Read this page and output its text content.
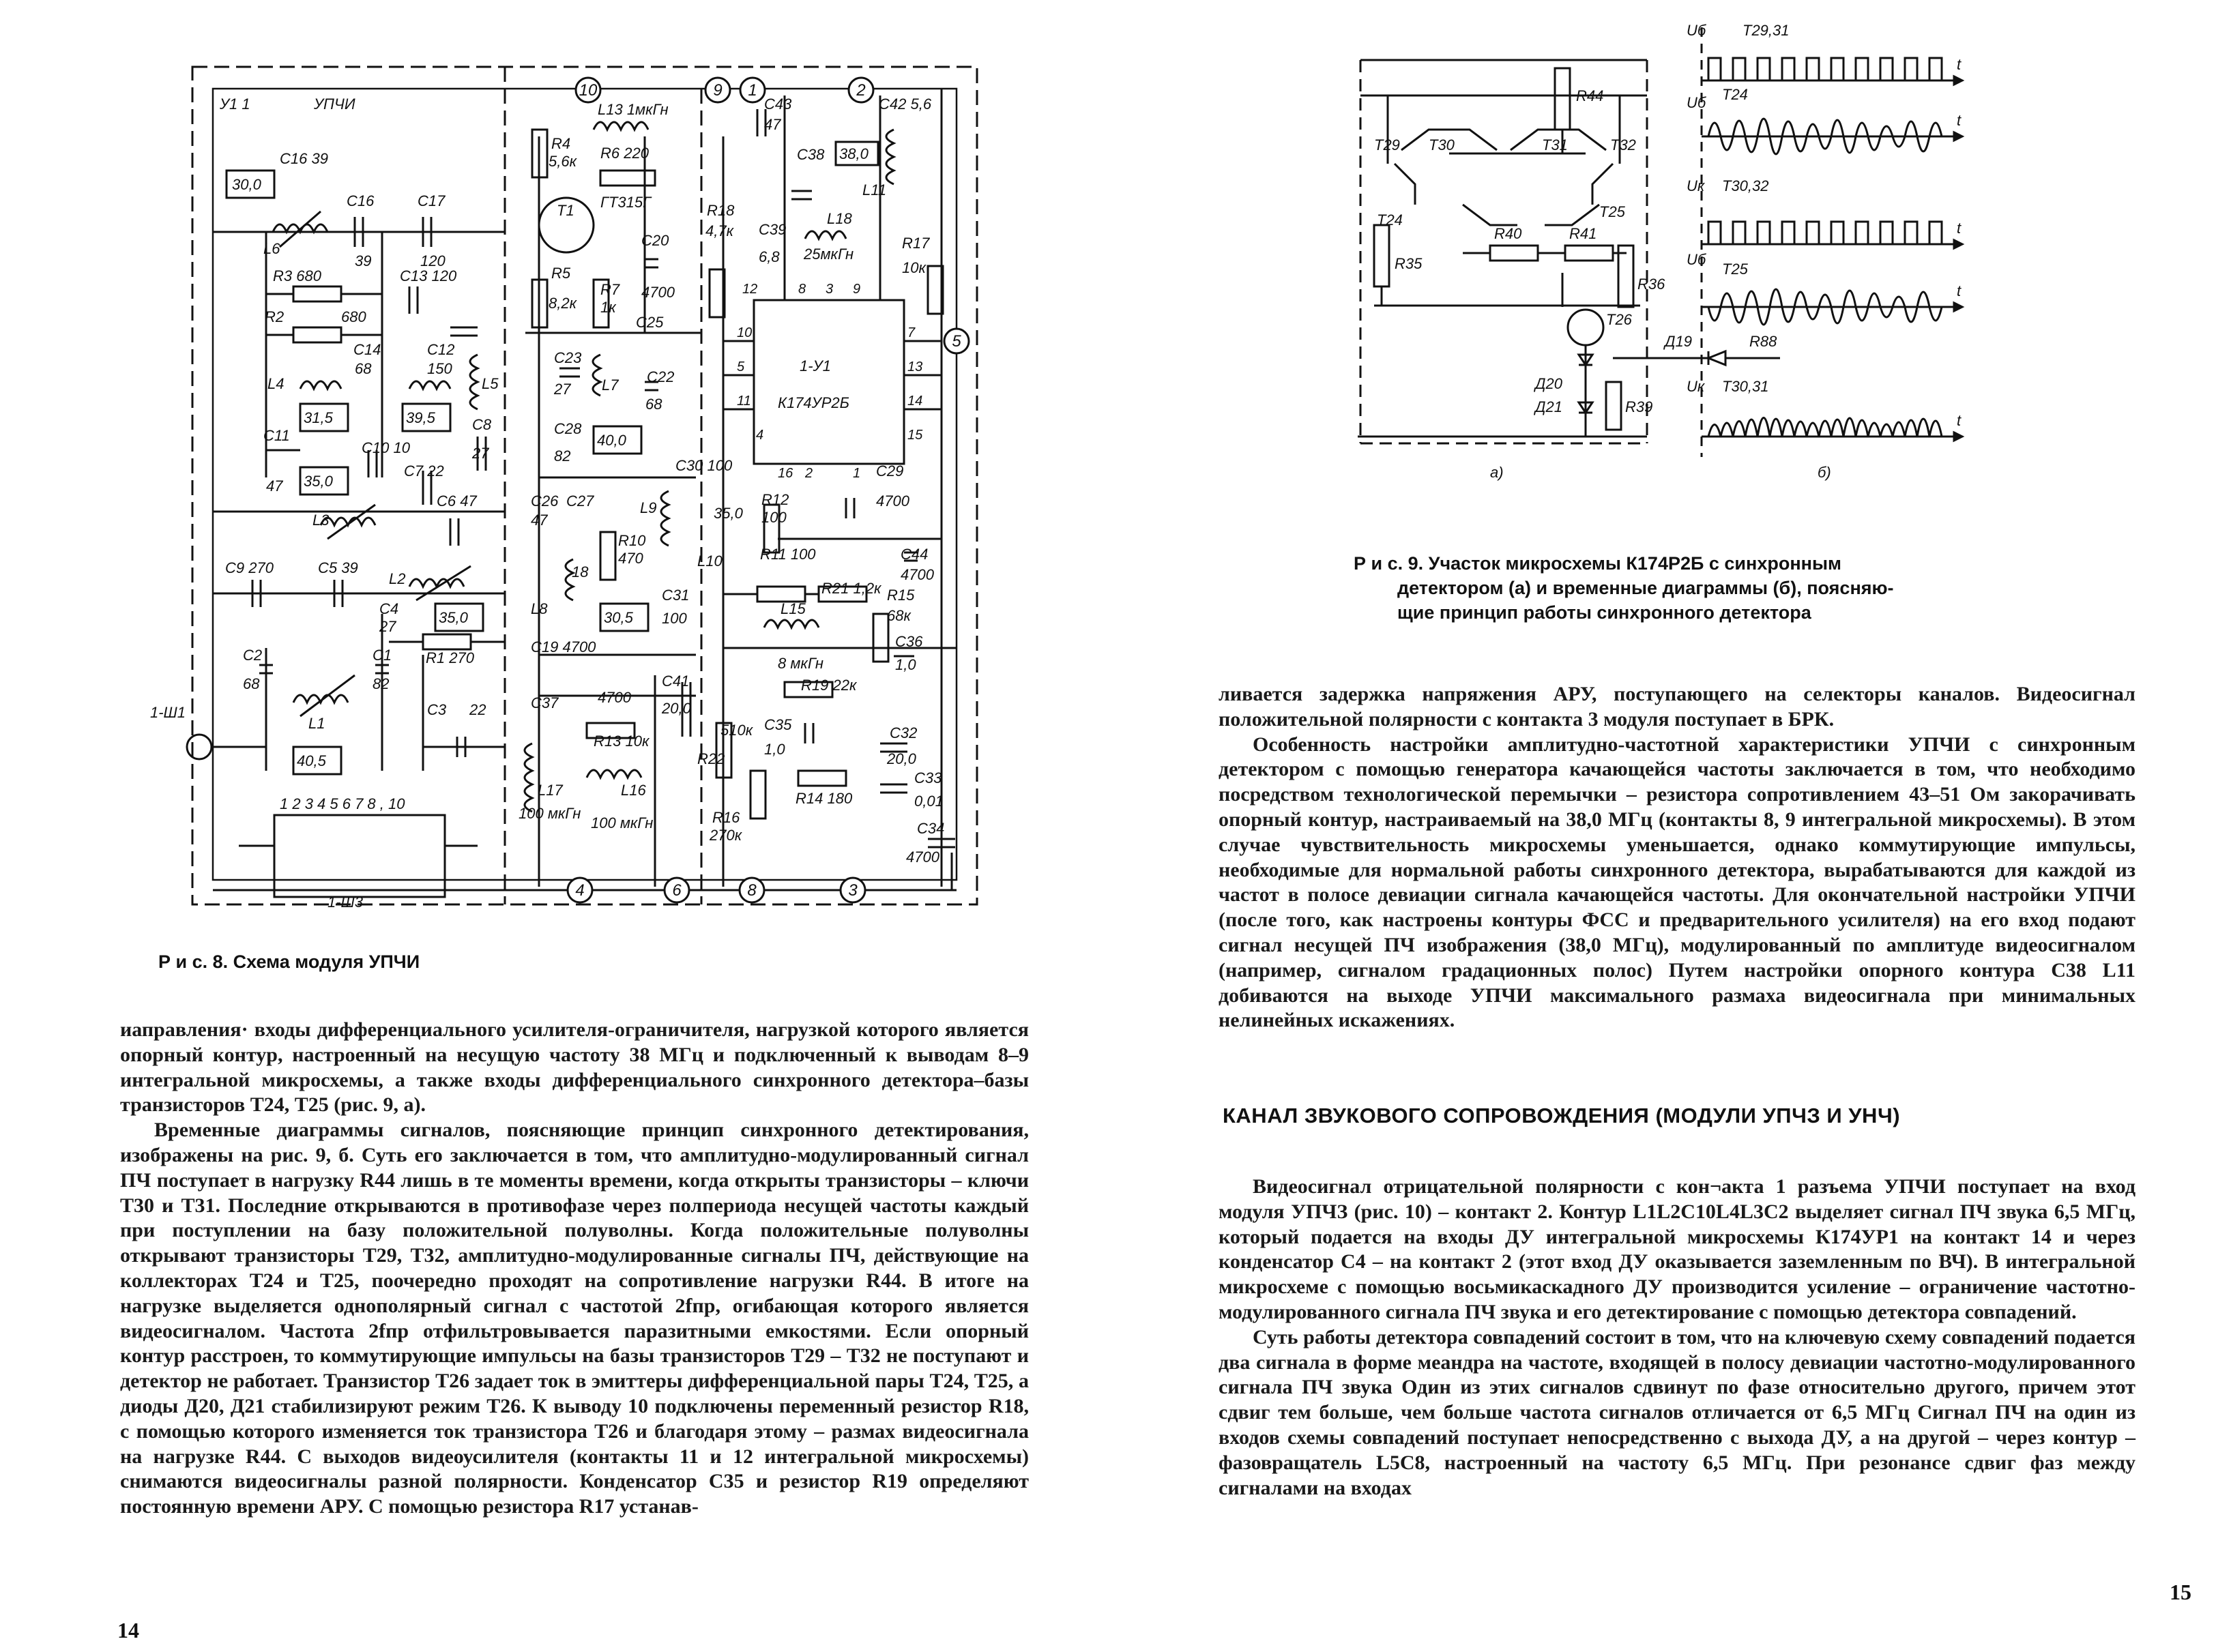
10	9 1	2
5
4	6	8	3
У1 1	УПЧИ
30,0
31,5	39,5
35,0
35,0
40,5
40,0
30,5
35,0
38,0
C16 39
C16	C17
L6
39	120
R3 680	C13 120
R2	680
C14	C12
68	150
L4	L5
C11
C10 10
47
C7 22
C8
27
C6 47
L3
C9 270	C5 39
L2
C4
27
R1 270
C2	C1
68	82
L1
C3 22
L13 1мкГн
R4
5,6к R6 220
R5
8,2к
R7
1к
C20
4700
C25
C23
27 L7 C22
68
C28
82
C27
C26
47
L9
C30 100
R10
470
L8
18
C31
100
C19 4700
C37	4700
C41
20,0
R13 10к
L17
100 мкГн
L16
100 мкГн
C43
47
C42 5,6
C38
L11
C39
6,8
L18
25мкГн
R18
4,7к
R17
10к
R12
100
C29
4700
L10	R11 100
R21 1,2к
L15
8 мкГн
R15
68к
C36
1,0
C44
4700
R19 22к
C35
1,0
R22
510к
R14 180
C32
20,0
C33
0,01
R16
270к	C34
4700
1-У1
К174УР2Б
Т1 ГТ315Г
1-Ш1
1-Ш3
1 2 3 4 5 6 7 8 , 10
12	8 3 9
10	7
5	13
11	14
4	15
16 2	1
Р и с. 8. Схема модуля УПЧИ

иаправления· входы дифференциального усилителя-ограничителя, нагрузкой которого является опорный контур, настроенный на несущую частоту 38 МГц и подключенный к выводам 8–9 интегральной микросхемы, а также входы дифференциального синхронного детектора–базы транзисторов Т24, Т25 (рис. 9, а).

Временные диаграммы сигналов, поясняющие принцип синхронного детектирования, изображены на рис. 9, б. Суть его заключается в том, что амплитудно-модулированный сигнал ПЧ поступает в нагрузку R44 лишь в те моменты времени, когда открыты транзисторы – ключи Т30 и Т31. Последние открываются в противофазе через полпериода несущей частоты каждый при поступлении на базу положительной полуволны. Когда положительные полуволны открывают транзисторы Т29, Т32, амплитудно-модулированные сигналы ПЧ, действующие на коллекторах Т24 и Т25, поочередно проходят на сопротивление нагрузки R44. В итоге на нагрузке выделяется однополярный сигнал с частотой 2fпр, огибающая которого является видеосигналом. Частота 2fпр отфильтровывается паразитными емкостями. Если опорный контур расстроен, то коммутирующие импульсы на базы транзисторов Т29 – Т32 не поступают и детектор не работает. Транзистор Т26 задает ток в эмиттеры дифференциальной пары Т24, Т25, а диоды Д20, Д21 стабилизируют режим Т26. К выводу 10 подключены переменный резистор R18, с помощью которого изменяется ток транзистора Т26 и благодаря этому – размах видеосигнала на нагрузке R44. С выходов видеоусилителя (контакты 11 и 12 интегральной микросхемы) снимаются видеосигналы разной полярности. Конденсатор С35 и резистор R19 определяют постоянную времени АРУ. С помощью резистора R17 устанав-

14
R44
T29 T30	T31	T32
T24	T25
R40	R41
R35
R36
T26
Д19	R88
Д20
Д21	R39
а)
Uб T29,31
Uб T24
Uк T30,32
Uб
T25
Uк T30,31
t
t
t
t
t
б)
Р и с. 9. Участок микросхемы К174Р2Б с синхронным
детектором (а) и временные диаграммы (б), поясняю-
щие принцип работы синхронного детектора

ливается задержка напряжения АРУ, поступающего на селекторы каналов. Видеосигнал положительной полярности с контакта 3 модуля поступает в БРК.

Особенность настройки амплитудно-частотной характеристики УПЧИ с синхронным детектором с помощью генератора качающейся частоты заключается в том, что необходимо посредством технологической перемычки – резистора сопротивлением 43–51 Ом закорачивать опорный контур, настраиваемый на 38,0 МГц (контакты 8, 9 интегральной микросхемы). В этом случае чувствительность микросхемы уменьшается, однако коммутирующие импульсы, необходимые для нормальной работы синхронного детектора, вырабатываются для каждой из частот в полосе девиации сигнала качающейся частоты. Для окончательной настройки УПЧИ (после того, как настроены контуры ФСС и предварительного усилителя) на его вход подают сигнал несущей ПЧ изображения (38,0 МГц), модулированный по амплитуде видеосигналом (например, сигналом градационных полос) Путем настройки опорного контура С38 L11 добиваются на выходе УПЧИ максимального размаха видеосигнала при минимальных нелинейных искажениях.

КАНАЛ ЗВУКОВОГО СОПРОВОЖДЕНИЯ (МОДУЛИ УПЧЗ И УНЧ)

Видеосигнал отрицательной полярности с кон¬акта 1 разъема УПЧИ поступает на вход модуля УПЧЗ (рис. 10) – контакт 2. Контур L1L2C10L4L3C2 выделяет сигнал ПЧ звука 6,5 МГц, который подается на входы ДУ интегральной микросхемы К174УР1 на контакт 14 и через конденсатор С4 – на контакт 2 (этот вход ДУ оказывается заземленным по ВЧ). В интегральной микросхеме с помощью восьмикаскадного ДУ производится усиление – ограничение частотно-модулированного сигнала ПЧ звука и его детектирование с помощью детектора совпадений.

Суть работы детектора совпадений состоит в том, что на ключевую схему совпадений подается два сигнала в форме меандра на частоте, входящей в полосу девиации частотно-модулированного сигнала ПЧ звука Один из этих сигналов сдвинут по фазе относительно другого, причем этот сдвиг тем больше, чем больше частота сигналов отличается от 6,5 МГц Сигнал ПЧ на один из входов схемы совпадений поступает непосредственно с выхода ДУ, а на другой – через контур – фазовращатель L5C8, настроенный на частоту 6,5 МГц. При резонансе сдвиг фаз между сигналами на входах

15
